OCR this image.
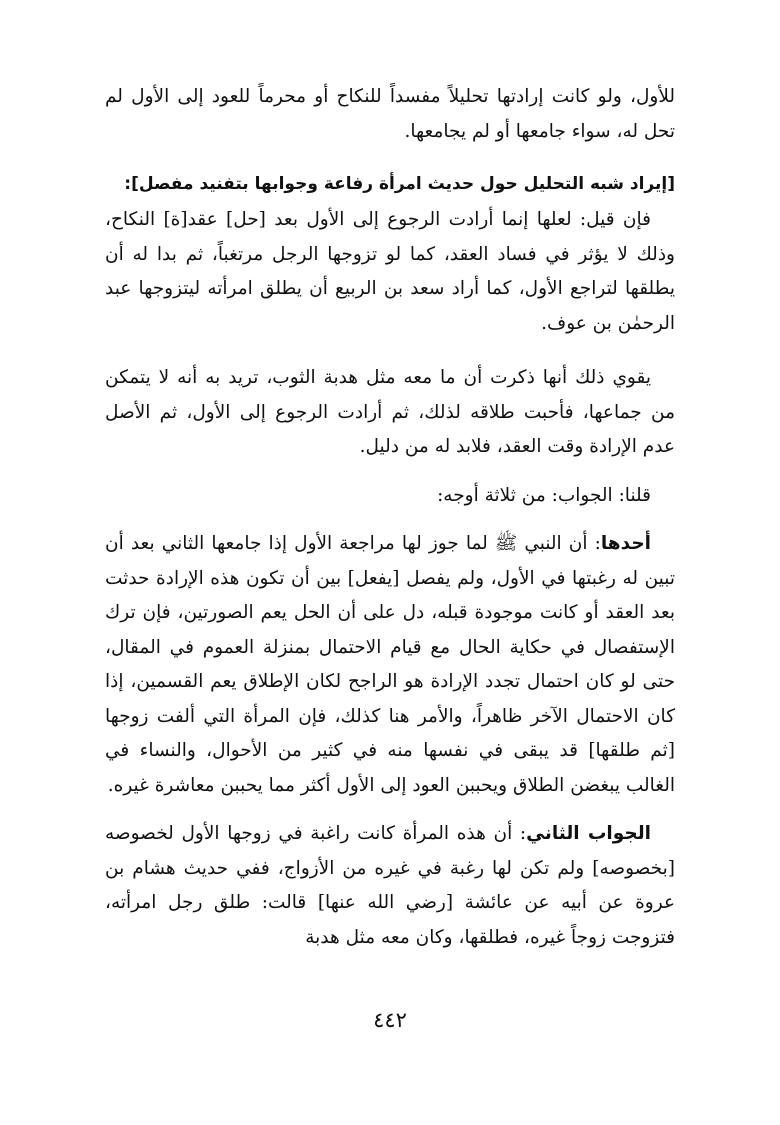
للأول، ولو كانت إرادتها تحليلاً مفسداً للنكاح أو محرماً للعود إلى الأول لم تحل له، سواء جامعها أو لم يجامعها.

[إيراد شبه التحليل حول حديث امرأة رفاعة وجوابها بتفنيد مفصل]:

فإن قيل: لعلها إنما أرادت الرجوع إلى الأول بعد [حل] عقد[ة] النكاح، وذلك لا يؤثر في فساد العقد، كما لو تزوجها الرجل مرتغباً، ثم بدا له أن يطلقها لتراجع الأول، كما أراد سعد بن الربيع أن يطلق امرأته ليتزوجها عبد الرحمٰن بن عوف.

يقوي ذلك أنها ذكرت أن ما معه مثل هدبة الثوب، تريد به أنه لا يتمكن من جماعها، فأحبت طلاقه لذلك، ثم أرادت الرجوع إلى الأول، ثم الأصل عدم الإرادة وقت العقد، فلابد له من دليل.

قلنا: الجواب: من ثلاثة أوجه:

أحدها: أن النبي ﷺ لما جوز لها مراجعة الأول إذا جامعها الثاني بعد أن تبين له رغبتها في الأول، ولم يفصل [يفعل] بين أن تكون هذه الإرادة حدثت بعد العقد أو كانت موجودة قبله، دل على أن الحل يعم الصورتين، فإن ترك الإستفصال في حكاية الحال مع قيام الاحتمال بمنزلة العموم في المقال، حتى لو كان احتمال تجدد الإرادة هو الراجح لكان الإطلاق يعم القسمين، إذا كان الاحتمال الآخر ظاهراً، والأمر هنا كذلك، فإن المرأة التي ألفت زوجها [ثم طلقها] قد يبقى في نفسها منه في كثير من الأحوال، والنساء في الغالب يبغضن الطلاق ويحببن العود إلى الأول أكثر مما يحببن معاشرة غيره.

الجواب الثاني: أن هذه المرأة كانت راغبة في زوجها الأول لخصوصه [بخصوصه] ولم تكن لها رغبة في غيره من الأزواج، ففي حديث هشام بن عروة عن أبيه عن عائشة [رضي الله عنها] قالت: طلق رجل امرأته، فتزوجت زوجاً غيره، فطلقها، وكان معه مثل هدبة

٤٤٢
